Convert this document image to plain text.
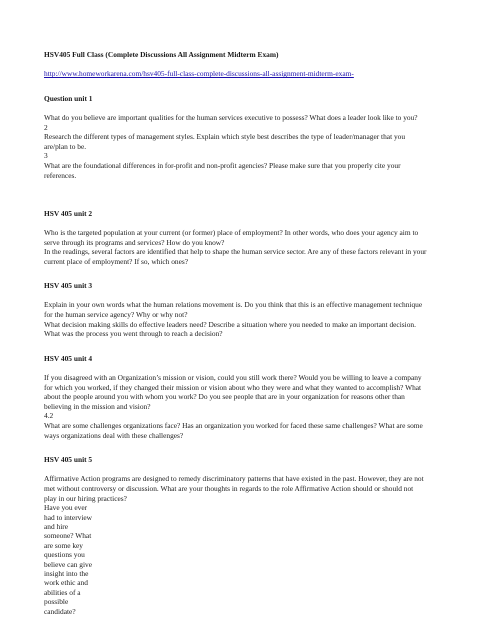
HSV405 Full Class (Complete Discussions All Assignment Midterm Exam)
http://www.homeworkarena.com/hsv405-full-class-complete-discussions-all-assignment-midterm-exam-
Question unit 1
What do you believe are important qualities for the human services executive to possess? What does a leader look like to you?
2
Research the different types of management styles. Explain which style best describes the type of leader/manager that you
are/plan to be.
3
What are the foundational differences in for-profit and non-profit agencies? Please make sure that you properly cite your
references.
HSV 405 unit 2
Who is the targeted population at your current (or former) place of employment? In other words, who does your agency aim to
serve through its programs and services? How do you know?
In the readings, several factors are identified that help to shape the human service sector. Are any of these factors relevant in your
current place of employment? If so, which ones?
HSV 405 unit 3
Explain in your own words what the human relations movement is. Do you think that this is an effective management technique
for the human service agency? Why or why not?
What decision making skills do effective leaders need? Describe a situation where you needed to make an important decision.
What was the process you went through to reach a decision?
HSV 405 unit 4
If you disagreed with an Organization’s mission or vision, could you still work there? Would you be willing to leave a company
for which you worked, if they changed their mission or vision about who they were and what they wanted to accomplish? What
about the people around you with whom you work? Do you see people that are in your organization for reasons other than
believing in the mission and vision?
4.2
What are some challenges organizations face? Has an organization you worked for faced these same challenges? What are some
ways organizations deal with these challenges?
HSV 405 unit 5
Affirmative Action programs are designed to remedy discriminatory patterns that have existed in the past. However, they are not
met without controversy or discussion. What are your thoughts in regards to the role Affirmative Action should or should not
play in our hiring practices?
Have you ever
had to interview
and hire
someone? What
are some key
questions you
believe can give
insight into the
work ethic and
abilities of a
possible
candidate?
